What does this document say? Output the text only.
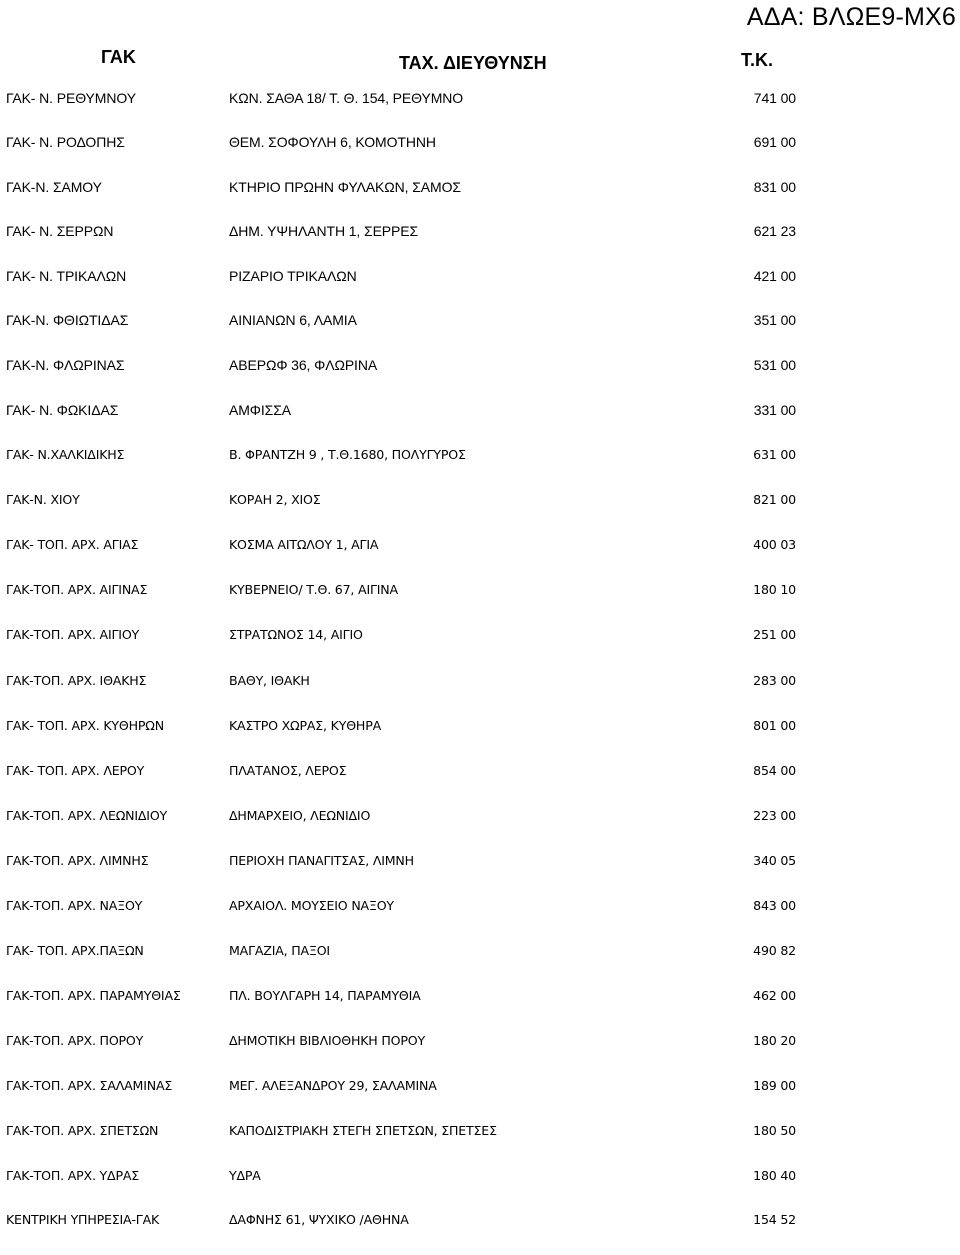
ΑΔΑ: ΒΛΩΕ9-ΜΧ6
ΓΑΚ	ΤΑΧ. ΔΙΕΥΘΥΝΣΗ	Τ.Κ.
ΓΑΚ- Ν. ΡΕΘΥΜΝΟΥ	ΚΩΝ. ΣΑΘΑ 18/ Τ. Θ. 154, ΡΕΘΥΜΝΟ	741 00
ΓΑΚ- Ν. ΡΟΔΟΠΗΣ	ΘΕΜ. ΣΟΦΟΥΛΗ 6, ΚΟΜΟΤΗΝΗ	691 00
ΓΑΚ-Ν. ΣΑΜΟΥ	ΚΤΗΡΙΟ ΠΡΩΗΝ ΦΥΛΑΚΩΝ, ΣΑΜΟΣ	831 00
ΓΑΚ- Ν. ΣΕΡΡΩΝ	ΔΗΜ. ΥΨΗΛΑΝΤΗ 1, ΣΕΡΡΕΣ	621 23
ΓΑΚ- Ν. ΤΡΙΚΑΛΩΝ	ΡΙΖΑΡΙΟ ΤΡΙΚΑΛΩΝ	421 00
ΓΑΚ-Ν. ΦΘΙΩΤΙΔΑΣ	ΑΙΝΙΑΝΩΝ 6, ΛΑΜΙΑ	351 00
ΓΑΚ-Ν. ΦΛΩΡΙΝΑΣ	ΑΒΕΡΩΦ 36, ΦΛΩΡΙΝΑ	531 00
ΓΑΚ- Ν. ΦΩΚΙΔΑΣ	ΑΜΦΙΣΣΑ	331 00
ΓΑΚ- Ν.ΧΑΛΚΙΔΙΚΗΣ	Β. ΦΡΑΝΤΖΗ 9 , Τ.Θ.1680, ΠΟΛΥΓΥΡΟΣ	631 00
ΓΑΚ-Ν. ΧΙΟΥ	ΚΟΡΑΗ 2, ΧΙΟΣ	821 00
ΓΑΚ- ΤΟΠ. ΑΡΧ. ΑΓΙΑΣ	ΚΟΣΜΑ ΑΙΤΩΛΟΥ 1, ΑΓΙΑ	400 03
ΓΑΚ-ΤΟΠ. ΑΡΧ. ΑΙΓΙΝΑΣ	ΚΥΒΕΡΝΕΙΟ/ Τ.Θ. 67, ΑΙΓΙΝΑ	180 10
ΓΑΚ-ΤΟΠ. ΑΡΧ. ΑΙΓΙΟΥ	ΣΤΡΑΤΩΝΟΣ 14, ΑΙΓΙΟ	251 00
ΓΑΚ-ΤΟΠ. ΑΡΧ. ΙΘΑΚΗΣ	ΒΑΘΥ, ΙΘΑΚΗ	283 00
ΓΑΚ- ΤΟΠ. ΑΡΧ. ΚΥΘΗΡΩΝ	ΚΑΣΤΡΟ ΧΩΡΑΣ, ΚΥΘΗΡΑ	801 00
ΓΑΚ- ΤΟΠ. ΑΡΧ. ΛΕΡΟΥ	ΠΛΑΤΑΝΟΣ, ΛΕΡΟΣ	854 00
ΓΑΚ-ΤΟΠ. ΑΡΧ. ΛΕΩΝΙΔΙΟΥ	ΔΗΜΑΡΧΕΙΟ, ΛΕΩΝΙΔΙΟ	223 00
ΓΑΚ-ΤΟΠ. ΑΡΧ. ΛΙΜΝΗΣ	ΠΕΡΙΟΧΗ ΠΑΝΑΓΙΤΣΑΣ, ΛΙΜΝΗ	340 05
ΓΑΚ-ΤΟΠ. ΑΡΧ. ΝΑΞΟΥ	ΑΡΧΑΙΟΛ. ΜΟΥΣΕΙΟ ΝΑΞΟΥ	843 00
ΓΑΚ- ΤΟΠ. ΑΡΧ.ΠΑΞΩΝ	ΜΑΓΑΖΙΑ, ΠΑΞΟΙ	490 82
ΓΑΚ-ΤΟΠ. ΑΡΧ. ΠΑΡΑΜΥΘΙΑΣ	ΠΛ. ΒΟΥΛΓΑΡΗ 14, ΠΑΡΑΜΥΘΙΑ	462 00
ΓΑΚ-ΤΟΠ. ΑΡΧ. ΠΟΡΟΥ	ΔΗΜΟΤΙΚΗ ΒΙΒΛΙΟΘΗΚΗ ΠΟΡΟΥ	180 20
ΓΑΚ-ΤΟΠ. ΑΡΧ. ΣΑΛΑΜΙΝΑΣ	ΜΕΓ. ΑΛΕΞΑΝΔΡΟΥ 29, ΣΑΛΑΜΙΝΑ	189 00
ΓΑΚ-ΤΟΠ. ΑΡΧ. ΣΠΕΤΣΩΝ	ΚΑΠΟΔΙΣΤΡΙΑΚΗ ΣΤΕΓΗ ΣΠΕΤΣΩΝ, ΣΠΕΤΣΕΣ	180 50
ΓΑΚ-ΤΟΠ. ΑΡΧ. ΥΔΡΑΣ	ΥΔΡΑ	180 40
ΚΕΝΤΡΙΚΗ ΥΠΗΡΕΣΙΑ-ΓΑΚ	ΔΑΦΝΗΣ 61, ΨΥΧΙΚΟ /ΑΘΗΝΑ	154 52
